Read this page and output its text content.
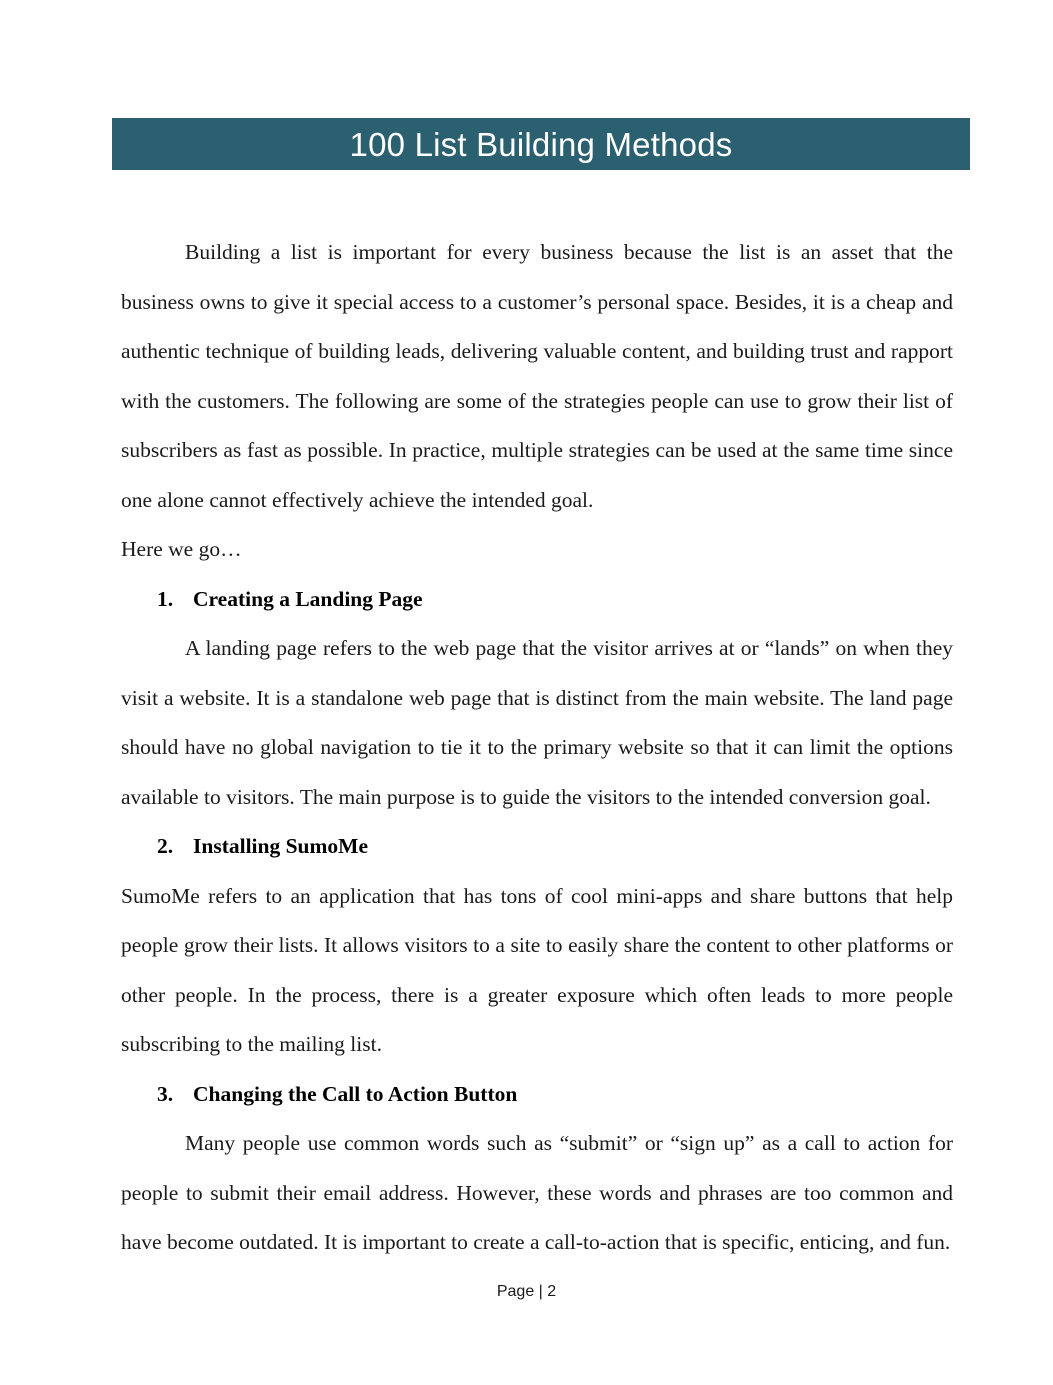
100 List Building Methods

Building a list is important for every business because the list is an asset that the business owns to give it special access to a customer’s personal space. Besides, it is a cheap and authentic technique of building leads, delivering valuable content, and building trust and rapport with the customers. The following are some of the strategies people can use to grow their list of subscribers as fast as possible. In practice, multiple strategies can be used at the same time since one alone cannot effectively achieve the intended goal.

Here we go…

1. Creating a Landing Page

A landing page refers to the web page that the visitor arrives at or “lands” on when they visit a website. It is a standalone web page that is distinct from the main website. The land page should have no global navigation to tie it to the primary website so that it can limit the options available to visitors. The main purpose is to guide the visitors to the intended conversion goal.

2. Installing SumoMe

SumoMe refers to an application that has tons of cool mini-apps and share buttons that help people grow their lists. It allows visitors to a site to easily share the content to other platforms or other people. In the process, there is a greater exposure which often leads to more people subscribing to the mailing list.

3. Changing the Call to Action Button

Many people use common words such as “submit” or “sign up” as a call to action for people to submit their email address. However, these words and phrases are too common and have become outdated. It is important to create a call-to-action that is specific, enticing, and fun.

Page | 2
